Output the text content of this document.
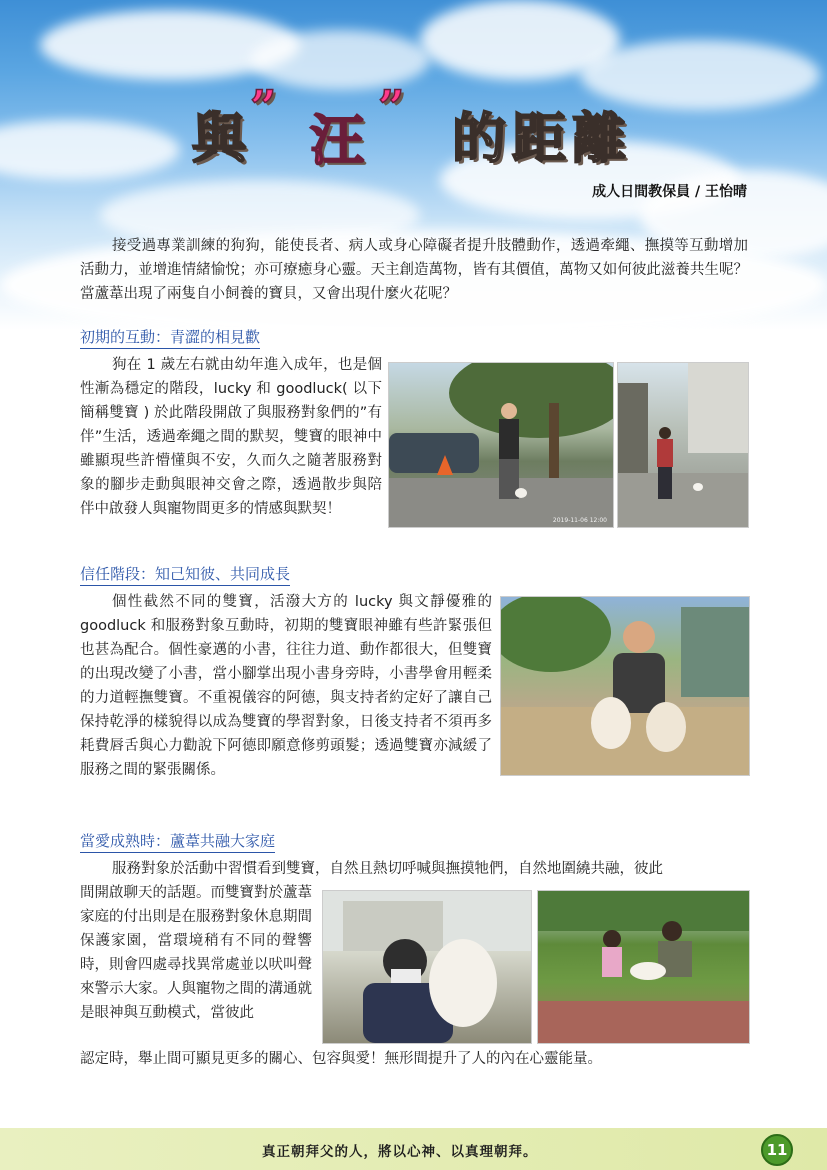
與 ”
汪
” 的距離
成人日間教保員 / 王怡晴

接受過專業訓練的狗狗，能使長者、病人或身心障礙者提升肢體動作，透過牽繩、撫摸等互動增加活動力，並增進情緒愉悅；亦可療癒身心靈。天主創造萬物，皆有其價值，萬物又如何彼此滋養共生呢？當蘆葦出現了兩隻自小飼養的寶貝，又會出現什麼火花呢？

初期的互動：青澀的相見歡

狗在 1 歲左右就由幼年進入成年，也是個性漸為穩定的階段，lucky 和 goodluck( 以下簡稱雙寶 ) 於此階段開啟了與服務對象們的”有伴”生活，透過牽繩之間的默契，雙寶的眼神中雖顯現些許懵懂與不安，久而久之隨著服務對象的腳步走動與眼神交會之際，透過散步與陪伴中啟發人與寵物間更多的情感與默契！

2019-11-06 12:00
信任階段：知己知彼、共同成長

個性截然不同的雙寶，活潑大方的 lucky 與文靜優雅的 goodluck 和服務對象互動時，初期的雙寶眼神雖有些許緊張但也甚為配合。個性豪邁的小書，往往力道、動作都很大，但雙寶的出現改變了小書，當小腳掌出現小書身旁時，小書學會用輕柔的力道輕撫雙寶。不重視儀容的阿德，與支持者約定好了讓自己保持乾淨的樣貌得以成為雙寶的學習對象，日後支持者不須再多耗費唇舌與心力勸說下阿德即願意修剪頭髮；透過雙寶亦減緩了服務之間的緊張關係。

當愛成熟時：蘆葦共融大家庭

服務對象於活動中習慣看到雙寶，自然且熱切呼喊與撫摸牠們，自然地圍繞共融，彼此

間開啟聊天的話題。而雙寶對於蘆葦家庭的付出則是在服務對象休息期間保護家園，當環境稍有不同的聲響時，則會四處尋找異常處並以吠叫聲來警示大家。人與寵物之間的溝通就是眼神與互動模式，當彼此

認定時，舉止間可顯見更多的關心、包容與愛！無形間提升了人的內在心靈能量。

真正朝拜父的人，將以心神、以真理朝拜。	11
